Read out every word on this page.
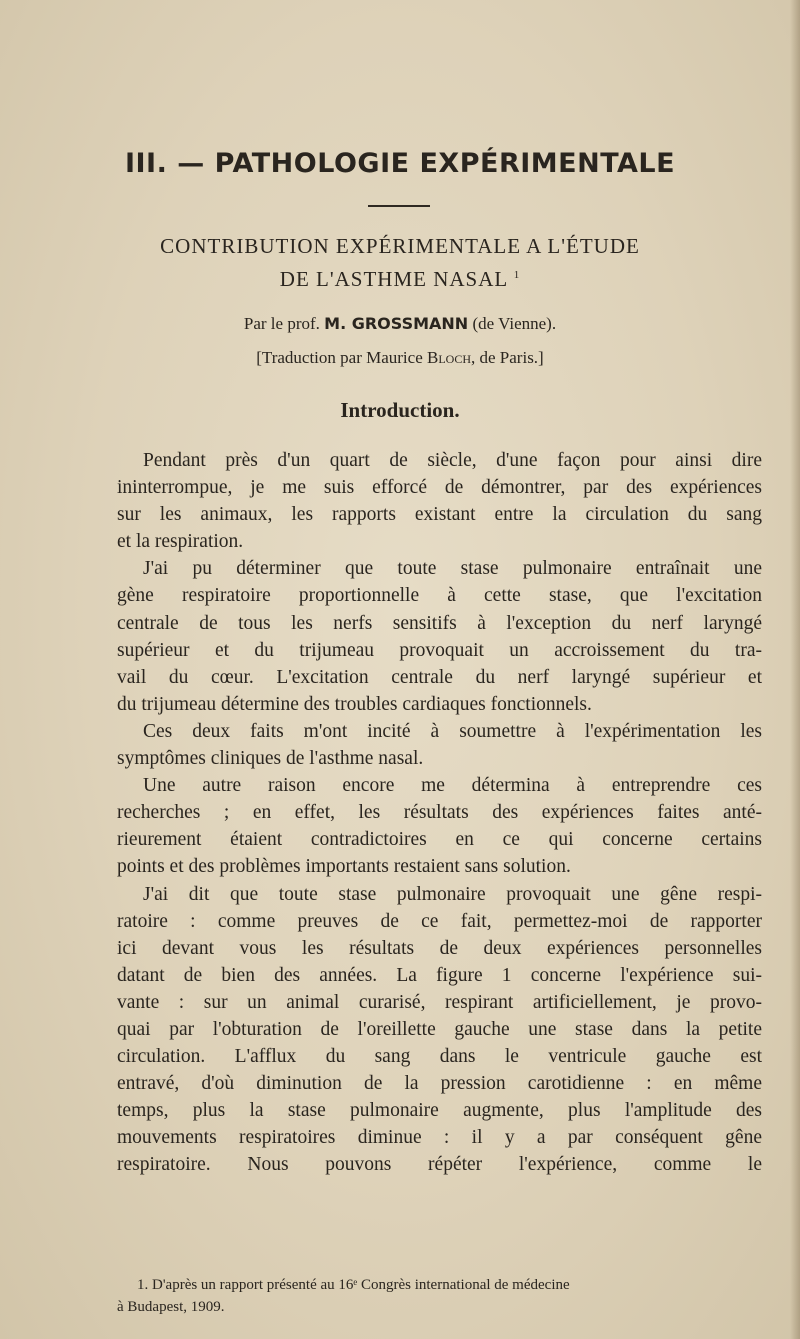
III. — PATHOLOGIE EXPÉRIMENTALE
CONTRIBUTION EXPÉRIMENTALE A L'ÉTUDE
DE L'ASTHME NASAL $^1$
Par le prof. M. GROSSMANN (de Vienne).
[Traduction par Maurice Bloch, de Paris.]
Introduction.
Pendant près d'un quart de siècle, d'une façon pour ainsi dire
ininterrompue, je me suis efforcé de démontrer, par des expériences
sur les animaux, les rapports existant entre la circulation du sang
et la respiration.
J'ai pu déterminer que toute stase pulmonaire entraînait une
gène respiratoire proportionnelle à cette stase, que l'excitation
centrale de tous les nerfs sensitifs à l'exception du nerf laryngé
supérieur et du trijumeau provoquait un accroissement du tra-
vail du cœur. L'excitation centrale du nerf laryngé supérieur et
du trijumeau détermine des troubles cardiaques fonctionnels.
Ces deux faits m'ont incité à soumettre à l'expérimentation les
symptômes cliniques de l'asthme nasal.
Une autre raison encore me détermina à entreprendre ces
recherches ; en effet, les résultats des expériences faites anté-
rieurement étaient contradictoires en ce qui concerne certains
points et des problèmes importants restaient sans solution.
J'ai dit que toute stase pulmonaire provoquait une gêne respi-
ratoire : comme preuves de ce fait, permettez-moi de rapporter
ici devant vous les résultats de deux expériences personnelles
datant de bien des années. La figure 1 concerne l'expérience sui-
vante : sur un animal curarisé, respirant artificiellement, je provo-
quai par l'obturation de l'oreillette gauche une stase dans la petite
circulation. L'afflux du sang dans le ventricule gauche est
entravé, d'où diminution de la pression carotidienne : en même
temps, plus la stase pulmonaire augmente, plus l'amplitude des
mouvements respiratoires diminue : il y a par conséquent gêne
respiratoire. Nous pouvons répéter l'expérience, comme le
1. D'après un rapport présenté au 16ᵉ Congrès international de médecine
à Budapest, 1909.
